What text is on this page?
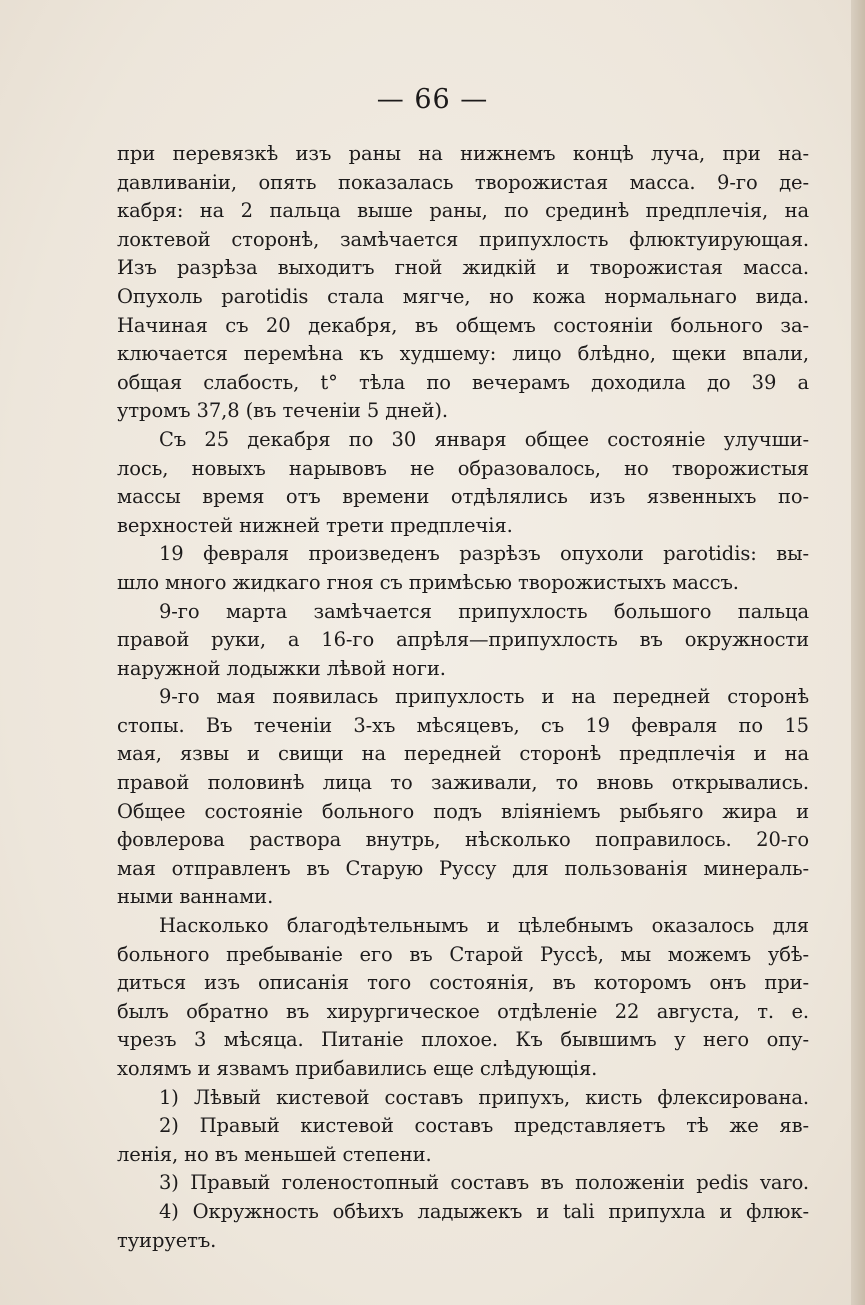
— 66 —
при перевязкѣ изъ раны на нижнемъ концѣ луча, при на-
давливанiи, опять показалась творожистая масса. 9-го де-
кабря: на 2 пальца выше раны, по срединѣ предплечiя, на
локтевой сторонѣ, замѣчается припухлость флюктуирующая.
Изъ разрѣза выходитъ гной жидкiй и творожистая масса.
Опухоль parotidis стала мягче, но кожа нормальнаго вида.
Начиная съ 20 декабря, въ общемъ состоянiи больного за-
ключается перемѣна къ худшему: лицо блѣдно, щеки впали,
общая слабость, t° тѣла по вечерамъ доходила до 39 а
утромъ 37,8 (въ теченiи 5 дней).
Съ 25 декабря по 30 января общее состоянiе улучши-
лось, новыхъ нарывовъ не образовалось, но творожистыя
массы время отъ времени отдѣлялись изъ язвенныхъ по-
верхностей нижней трети предплечiя.
19 февраля произведенъ разрѣзъ опухоли parotidis: вы-
шло много жидкаго гноя съ примѣсью творожистыхъ массъ.
9-го марта замѣчается припухлость большого пальца
правой руки, а 16-го апрѣля—припухлость въ окружности
наружной лодыжки лѣвой ноги.
9-го мая появилась припухлость и на передней сторонѣ
стопы. Въ теченiи 3-хъ мѣсяцевъ, съ 19 февраля по 15
мая, язвы и свищи на передней сторонѣ предплечiя и на
правой половинѣ лица то заживали, то вновь открывались.
Общее состоянiе больного подъ влiянiемъ рыбьяго жира и
фовлерова раствора внутрь, нѣсколько поправилось. 20-го
мая отправленъ въ Старую Руссу для пользованiя минераль-
ными ваннами.
Насколько благодѣтельнымъ и цѣлебнымъ оказалось для
больного пребыванiе его въ Старой Руссѣ, мы можемъ убѣ-
диться изъ описанiя того состоянiя, въ которомъ онъ при-
былъ обратно въ хирургическое отдѣленiе 22 августа, т. е.
чрезъ 3 мѣсяца. Питанiе плохое. Къ бывшимъ у него опу-
холямъ и язвамъ прибавились еще слѣдующiя.
1) Лѣвый кистевой составъ припухъ, кисть флексирована.
2) Правый кистевой составъ представляетъ тѣ же яв-
ленiя, но въ меньшей степени.
3) Правый голеностопный составъ въ положенiи pedis varo.
4) Окружность обѣихъ ладыжекъ и tali припухла и флюк-
туируетъ.
